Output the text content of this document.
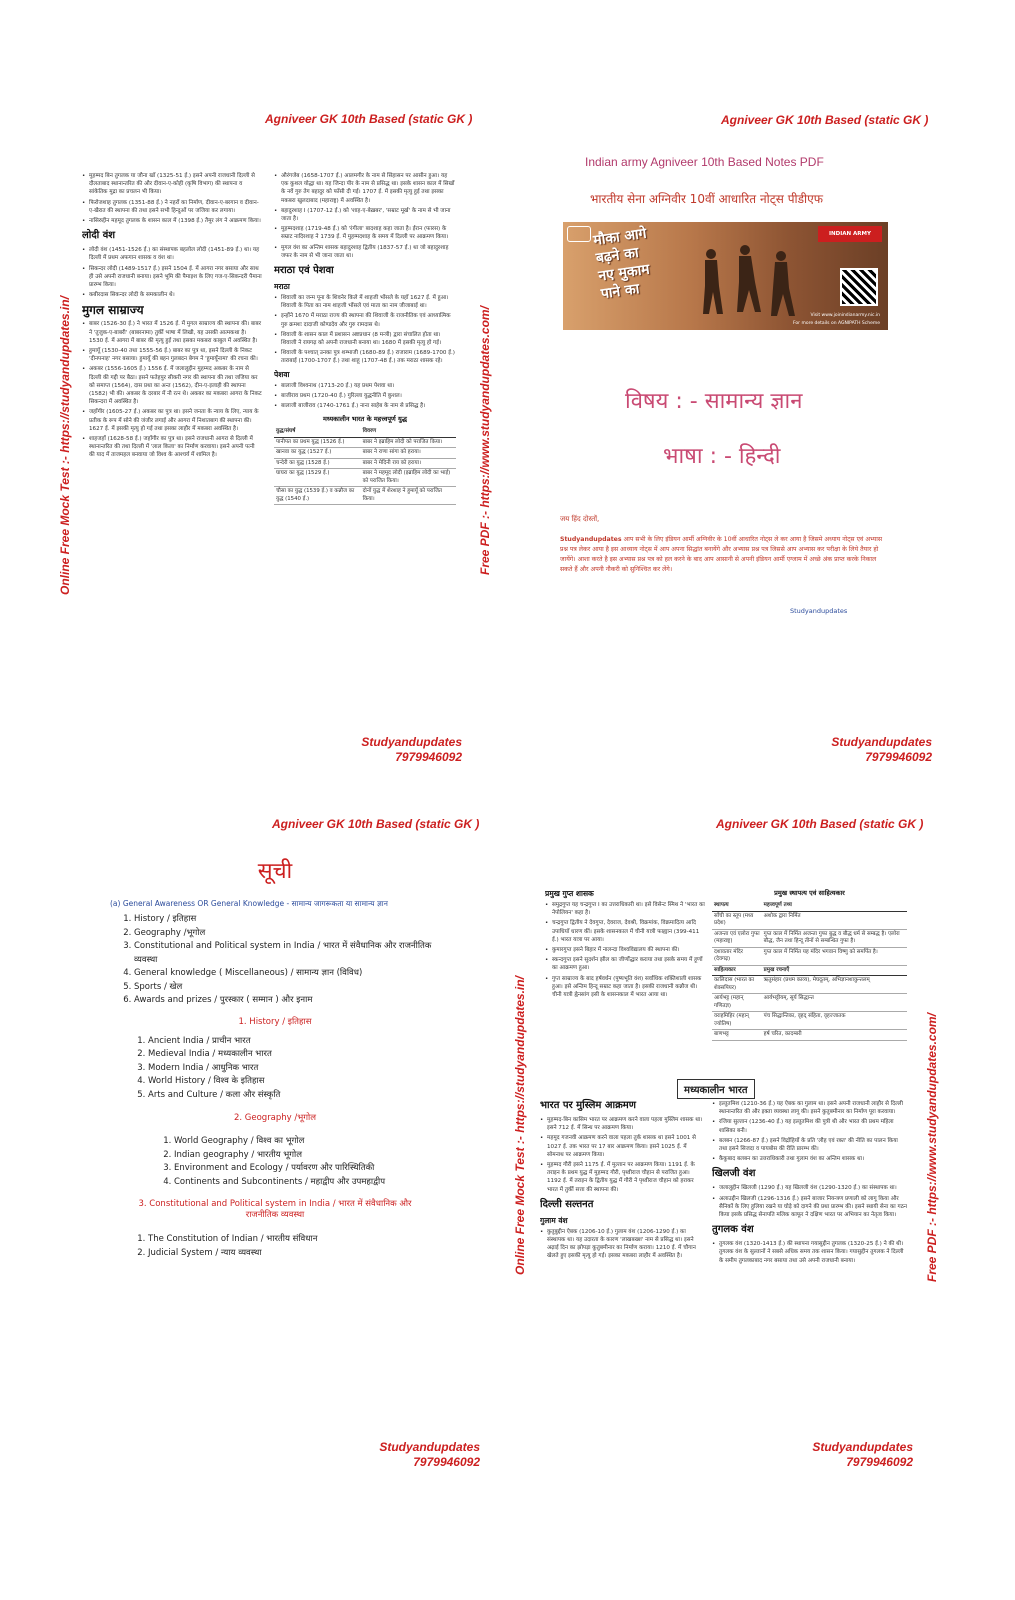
Agniveer GK 10th Based (static GK )
Online Free Mock Test :- https://studyandupdates.in/	Free PDF :- https://www.studyandupdates.com/

• मुहम्मद बिन तुगलक या जौना खाँ (1325-51 ई.) इसने अपनी राजधानी दिल्ली से दौलताबाद स्थानान्तरित की और दीवान-ए-कोही (कृषि विभाग) की स्थापना व सांकेतिक मुद्रा का प्रचलन भी किया।

• फिरोजशाह तुगलक (1351-88 ई.) ने नहरों का निर्माण, दीवान-ए-बरगान व दीवान-ए-खैरात की स्थापना की तथा इसने सभी हिन्दुओं पर जजिया कर लगाया।

• नासिरुद्दीन महमूद तुगलक के शासन काल में (1398 ई.) तैमूर लंग ने आक्रमण किया।

लोदी वंश

• लोदी वंश (1451-1526 ई.) का संस्थापक बहलोल लोदी (1451-89 ई.) था। यह दिल्ली में प्रथम अफगान शासक व वंश था।

• सिकन्दर लोदी (1489-1517 ई.) इसने 1504 ई. में आगरा नगर बसाया और साथ ही उसे अपनी राजधानी बनाया। इसने भूमि की पैमाइश के लिए गज-ए-सिकन्दरी पैमाना प्रारम्भ किया।

• कबीरदास सिकन्दर लोदी के समकालीन थे।

मुगल साम्राज्य

• बाबर (1526-30 ई.) ने भारत में 1526 ई. में मुगल साम्राज्य की स्थापना की। बाबर ने 'तुजुक-ए-बाबरी' (बाबरनामा) तुर्की भाषा में लिखी, यह उसकी आत्मकथा है। 1530 ई. में आगरा में बाबर की मृत्यु हुई तथा इसका मकबरा काबुल में अवस्थित है।

• हुमायूँ (1530-40 तथा 1555-56 ई.) बाबर का पुत्र था, इसने दिल्ली के निकट 'दीनपनाह' नगर बसाया। हुमायूँ की बहन गुलबदन बेगम ने 'हुमायूँनामा' की रचना की।

• अकबर (1556-1605 ई.) 1556 ई. में जलालुद्दीन मुहम्मद अकबर के नाम से दिल्ली की गद्दी पर बैठा। इसने फतेहपुर सीकरी नगर की स्थापना की तथा जजिया कर को समाप्त (1564), दास प्रथा का अन्त (1562), दीन-ए-इलाही की स्थापना (1582) भी की। अकबर के दरबार में नौ रत्न थे। अकबर का मकबरा आगरा के निकट सिकन्दरा में अवस्थित है।

• जहाँगीर (1605-27 ई.) अकबर का पुत्र था। इसने जनता के न्याय के लिए, न्याय के प्रतीक के रूप में सोने की जंजीर लगाई और आगरा में निशातबाग की स्थापना की। 1627 ई. में इसकी मृत्यु हो गई तथा इसका लाहौर में मकबरा अवस्थित है।

• शाहजहाँ (1628-58 ई.) जहाँगीर का पुत्र था। इसने राजधानी आगरा से दिल्ली में स्थानान्तरित की तथा दिल्ली में 'लाल किला' का निर्माण करवाया। इसने अपनी पत्नी की याद में ताजमहल बनवाया जो विश्व के आश्चर्य में शामिल है।

• औरंगजेब (1658-1707 ई.) आलमगीर के नाम से सिंहासन पर आसीन हुआ। यह एक कुशल योद्धा था। यह जिन्दा पीर के नाम से प्रसिद्ध था। इसके शासन काल में सिखों के नवें गुरु तेग बहादुर को फाँसी दी गई। 1707 ई. में इसकी मृत्यु हुई तथा इसका मकबरा खुलदाबाद (महाराष्ट्र) में अवस्थित है।

• बहादुरशाह I (1707-12 ई.) को 'शाह-ए-बेख़बर', 'सम्राट मूर्ख' के नाम से भी जाना जाता है।

• मुहम्मदशाह (1719-48 ई.) को 'रंगीला' बादशाह कहा जाता है। ईरान (फारस) के सम्राट नादिरशाह ने 1739 ई. में मुहम्मदशाह के समय में दिल्ली पर आक्रमण किया।

• मुगल वंश का अन्तिम शासक बहादुरशाह द्वितीय (1837-57 ई.) था जो बहादुरशाह जफर के नाम से भी जाना जाता था।

मराठा एवं पेशवा
मराठा

• शिवाजी का जन्म पूना के शिवनेर किले में शाहजी भोंसले के यहाँ 1627 ई. में हुआ। शिवाजी के पिता का नाम शाहजी भोंसले एवं माता का नाम जीजाबाई था।

• इन्होंने 1670 में मराठा राज्य की स्थापना की शिवाजी के राजनीतिक एवं आध्यात्मिक गुरु क्रमशः दादाजी कोण्डदेव और गुरु रामदास थे।

• शिवाजी के शासन काल में प्रशासन अष्टप्रधान (8 मन्त्री) द्वारा संचालित होता था। शिवाजी ने रायगढ़ को अपनी राजधानी बनाया था। 1680 में इसकी मृत्यु हो गई।

• शिवाजी के पश्चात् उनका पुत्र शम्भाजी (1680-89 ई.) राजाराम (1689-1700 ई.) ताराबाई (1700-1707 ई.) तथा शाहू (1707-48 ई.) तक मराठा शासक रहे।

पेशवा

• बालाजी विश्वनाथ (1713-20 ई.) यह प्रथम पेशवा था।

• बाजीराव प्रथम (1720-40 ई.) गुरिल्ला युद्धनीति में कुशल।

• बालाजी बाजीराव (1740-1761 ई.) नाना साहेब के नाम से प्रसिद्ध है।

मध्यकालीन भारत के महत्त्वपूर्ण युद्ध
युद्ध/संघर्ष	विवरण
पानीपत का प्रथम युद्ध (1526 ई.)	बाबर ने इब्राहिम लोदी को पराजित किया।
खानवा का युद्ध (1527 ई.)	बाबर ने राणा सांगा को हराया।
चन्देरी का युद्ध (1528 ई.)	बाबर ने मेदिनी राय को हराया।
घाघरा का युद्ध (1529 ई.)	बाबर ने महमूद लोदी (इब्राहिम लोदी का भाई) को पराजित किया।
चौसा का युद्ध (1539 ई.) व कन्नौज का युद्ध (1540 ई.)	दोनों युद्ध में शेरशाह ने हुमायूँ को पराजित किया।
Studyandupdates
7979946092
Agniveer GK 10th Based (static GK )
Indian army Agniveer 10th Based Notes PDF
भारतीय सेना अग्निवीर 10वीं आधारित नोट्स पीडीएफ
मौका आगे
बढ़ने का
नए मुकाम
पाने का
INDIAN ARMY
Visit www.joinindianarmy.nic.in
For more details on AGNIPATH Scheme
विषय : - सामान्य ज्ञान
भाषा : - हिन्दी
जय हिंद दोस्तों,
Studyandupdates आप सभी के लिए इंडियन आर्मी अग्निवीर के 10वीं आधारित नोट्स ले कर आया है जिसमे अध्याय नोट्स एवं अभ्यास प्रश्न पत्र लेकर आया है इस आध्याय नोट्स में आप अपना सिद्धांत बनायेंगे और अभ्यास प्रश्न पत्र जिससे आप अभ्यास कर परीक्षा के लिये तैयार हो जायेंगे। आशा करते है इस अभ्यास प्रश्न पत्र को हल करने के बाद आप आसानी से अपनी इंडियन आर्मी एग्जाम में अच्छे अंक प्राप्त करके निकाल सकते हैं और अपनी नौकरी को सुनिश्चित कर लेंगे।
Studyandupdates
Studyandupdates
7979946092
Agniveer GK 10th Based (static GK )
सूची
(a) General Awareness OR General Knowledge - सामान्य जागरूकता या सामान्य ज्ञान
1. History / इतिहास
2. Geography /भूगोल
3. Constitutional and Political system in India / भारत में संवैधानिक और राजनीतिक व्यवस्था
4. General knowledge ( Miscellaneous) / सामान्य ज्ञान (विविध)
5. Sports / खेल
6. Awards and prizes / पुरस्कार ( सम्मान ) और इनाम
1. History / इतिहास
1. Ancient India / प्राचीन भारत
2. Medieval India / मध्यकालीन भारत
3. Modern India / आधुनिक भारत
4. World History / विश्व के इतिहास
5. Arts and Culture / कला और संस्कृति
2. Geography /भूगोल
1. World Geography / विश्व का भूगोल
2. Indian geography / भारतीय भूगोल
3. Environment and Ecology / पर्यावरण और पारिस्थितिकी
4. Continents and Subcontinents / महाद्वीप और उपमहाद्वीप
3. Constitutional and Political system in India / भारत में संवैधानिक और राजनीतिक व्यवस्था
1. The Constitution of Indian / भारतीय संविधान
2. Judicial System / न्याय व्यवस्था
Studyandupdates
7979946092
Agniveer GK 10th Based (static GK )
Online Free Mock Test :- https://studyandupdates.in/	Free PDF :- https://www.studyandupdates.com/
प्रमुख गुप्त शासक

• समुद्रगुप्त यह चन्द्रगुप्त I का उत्तराधिकारी था। इसे विसेन्ट स्मिथ ने 'भारत का नेपोलियन' कहा है।

• चन्द्रगुप्त द्वितीय ने देवगुप्त, देवराज, देवश्री, विक्रमांक, विक्रमादित्य आदि उपाधियाँ धारण कीं। इसके शासनकाल में चीनी यात्री फाह्यान (399-411 ई.) भारत यात्रा पर आया।

• कुमारगुप्त इसने बिहार में नालन्दा विश्वविद्यालय की स्थापना की।

• स्कन्दगुप्त इसने सुदर्शन झील का जीर्णोद्धार कराया तथा इसके समय में हूणों का आक्रमण हुआ।

• गुप्त साम्राज्य के बाद हर्षवर्धन (पुष्यभूति वंश) सर्वाधिक शक्तिशाली शासक हुआ। इसे अन्तिम हिन्दू सम्राट कहा जाता है। इसकी राजधानी कन्नौज थी। चीनी यात्री ह्वेनसांग इसी के शासनकाल में भारत आया था।

प्रमुख स्थापत्य एवं साहित्यकार
स्थापत्य	महत्त्वपूर्ण तथ्य
साँची का स्तूप (मध्य प्रदेश)	अशोक द्वारा निर्मित
अजन्ता एवं एलोरा गुफा (महाराष्ट्र)	गुप्त काल में निर्मित अजन्ता गुफा बुद्ध व बौद्ध धर्म से सम्बद्ध है। एलोरा बौद्ध, जैन तथा हिन्दू तीनों से सम्बन्धित गुफा है।
दशावतार मंदिर (देवगढ़)	गुप्त काल में निर्मित यह मंदिर भगवान विष्णु को समर्पित है।
साहित्यकार	प्रमुख रचनाएँ
कालिदास (भारत का शेक्सपियर)	ऋतुसंहार (प्रथम काव्य), मेघदूतम्, अभिज्ञानशाकुन्तलम्
आर्यभट्ट (महान् गणितज्ञ)	आर्यभट्टीयम्, सूर्य सिद्धान्त
वराहमिहिर (महान् ज्योतिष)	पंच सिद्धान्तिका, वृहद् संहिता, वृहज्जातक
बाणभट्ट	हर्ष चरित, कादम्बरी
मध्यकालीन भारत
भारत पर मुस्लिम आक्रमण

• मुहम्मद-बिन कासिम भारत पर आक्रमण करने वाला पहला मुस्लिम शासक था। इसने 712 ई. में सिन्ध पर आक्रमण किया।

• महमूद गजनवी आक्रमण करने वाला पहला तुर्क शासक था इसने 1001 से 1027 ई. तक भारत पर 17 बार आक्रमण किया। इसने 1025 ई. में सोमनाथ पर आक्रमण किया।

• मुहम्मद गौरी इसने 1175 ई. में मुल्तान पर आक्रमण किया। 1191 ई. के तराइन के प्रथम युद्ध में मुहम्मद गौरी, पृथ्वीराज चौहान से पराजित हुआ। 1192 ई. में तराइन के द्वितीय युद्ध में गौरी ने पृथ्वीराज चौहान को हराकर भारत में तुर्की सत्ता की स्थापना की।

दिल्ली सल्तनत
गुलाम वंश

• कुतुबुद्दीन ऐबक (1206-10 ई.) गुलाम वंश (1206-1290 ई.) का संस्थापक था। यह उदारता के कारण 'लाखबख्श' नाम से प्रसिद्ध था। इसने अढ़ाई दिन का झोपड़ा कुतुबमीनार का निर्माण कराया। 1210 ई. में चौगान खेलते हुए इसकी मृत्यु हो गई। इसका मकबरा लाहौर में अवस्थित है।

• इल्तुतमिश (1210-36 ई.) यह ऐबक का गुलाम था। इसने अपनी राजधानी लाहौर से दिल्ली स्थानान्तरित की और इक्ता व्यवस्था लागू की। इसने कुतुबमीनार का निर्माण पूरा करवाया।

• रजिया सुल्तान (1236-40 ई.) यह इल्तुतमिश की पुत्री थी और भारत की प्रथम महिला शासिका बनी।

• बलबन (1266-87 ई.) इसने विद्रोहियों के प्रति 'लौह एवं रक्त' की नीति का पालन किया तथा इसने सिजदा व पायबोस की रीति प्रारम्भ की।

• कैकुबाद बलबन का उत्तराधिकारी तथा गुलाम वंश का अन्तिम शासक था।

खिलजी वंश

• जलालुद्दीन खिलजी (1290 ई.) यह खिलजी वंश (1290-1320 ई.) का संस्थापक था।

• अलाउद्दीन खिलजी (1296-1316 ई.) इसने बाजार नियन्त्रण प्रणाली को लागू किया और सैनिकों के लिए हुलिया रखने या घोड़े को दागने की प्रथा प्रारम्भ की। इसने स्थायी सेना का गठन किया इसके प्रसिद्ध सेनापति मलिक काफूर ने दक्षिण भारत पर अभियान का नेतृत्व किया।

तुगलक वंश

• तुगलक वंश (1320-1413 ई.) की स्थापना गयासुद्दीन तुगलक (1320-25 ई.) ने की थी। तुगलक वंश के सुल्तानों ने सबसे अधिक समय तक शासन किया। गयासुद्दीन तुगलक ने दिल्ली के समीप तुगलकाबाद नगर बसाया तथा उसे अपनी राजधानी बनाया।

Studyandupdates
7979946092
